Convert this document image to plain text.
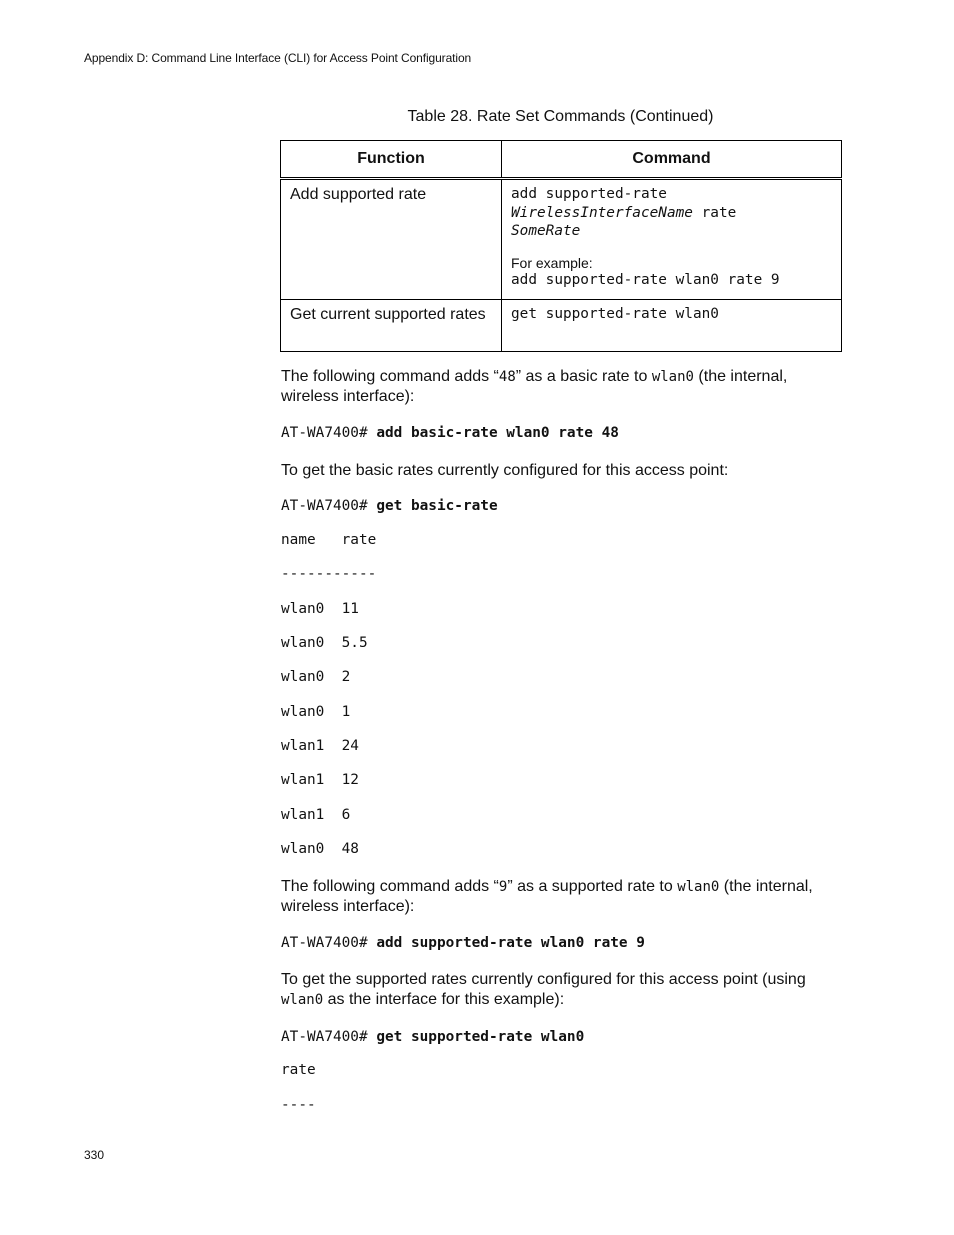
Appendix D: Command Line Interface (CLI) for Access Point Configuration
Table 28. Rate Set Commands (Continued)
Function	Command
Add supported rate	add supported-rate
WirelessInterfaceName rate
SomeRate
For example:
add supported-rate wlan0 rate 9

Get current supported rates	get supported-rate wlan0
The following command adds “48” as a basic rate to wlan0 (the internal, wireless interface):
AT-WA7400# add basic-rate wlan0 rate 48
To get the basic rates currently configured for this access point:
AT-WA7400# get basic-rate
name   rate
-----------
wlan0  11
wlan0  5.5
wlan0  2
wlan0  1
wlan1  24
wlan1  12
wlan1  6
wlan0  48
The following command adds “9” as a supported rate to wlan0 (the internal, wireless interface):
AT-WA7400# add supported-rate wlan0 rate 9
To get the supported rates currently configured for this access point (using wlan0 as the interface for this example):
AT-WA7400# get supported-rate wlan0
rate
----
330
